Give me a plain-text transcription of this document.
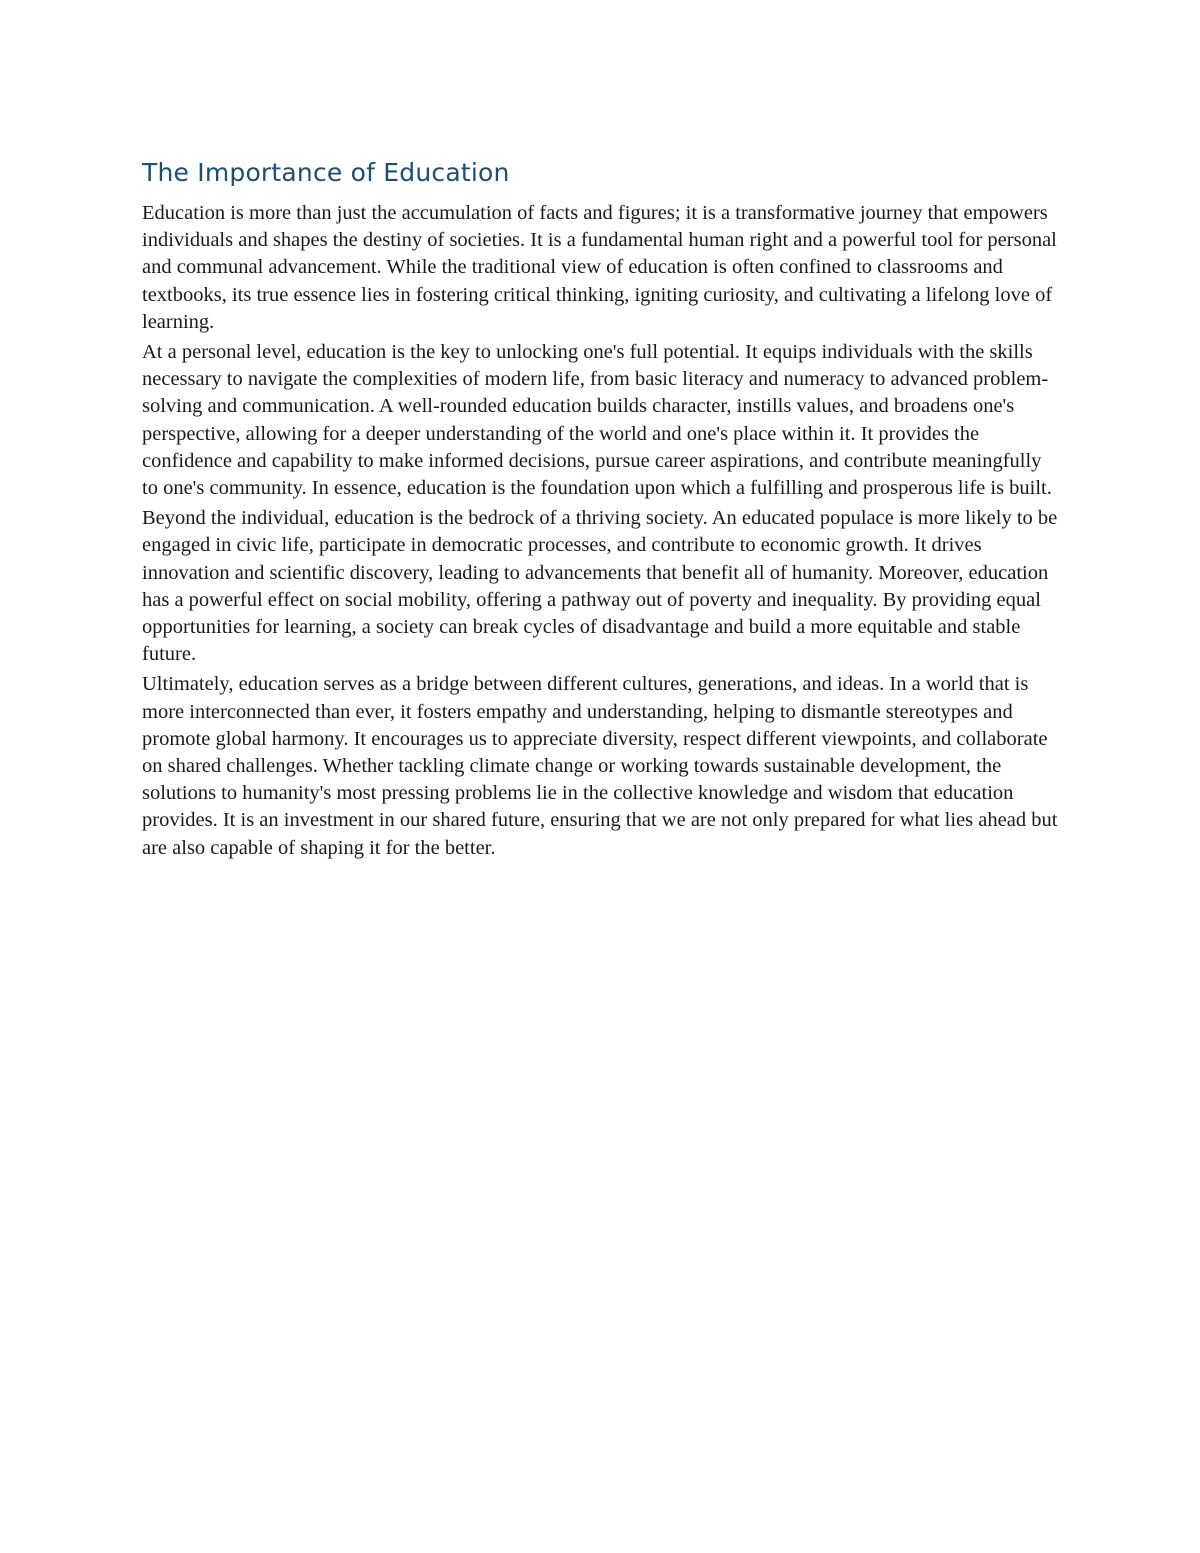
The Importance of Education

Education is more than just the accumulation of facts and figures; it is a transformative journey that empowers individuals and shapes the destiny of societies. It is a fundamental human right and a powerful tool for personal and communal advancement. While the traditional view of education is often confined to classrooms and textbooks, its true essence lies in fostering critical thinking, igniting curiosity, and cultivating a lifelong love of learning.

At a personal level, education is the key to unlocking one's full potential. It equips individuals with the skills necessary to navigate the complexities of modern life, from basic literacy and numeracy to advanced problem-solving and communication. A well-rounded education builds character, instills values, and broadens one's perspective, allowing for a deeper understanding of the world and one's place within it. It provides the confidence and capability to make informed decisions, pursue career aspirations, and contribute meaningfully to one's community. In essence, education is the foundation upon which a fulfilling and prosperous life is built.

Beyond the individual, education is the bedrock of a thriving society. An educated populace is more likely to be engaged in civic life, participate in democratic processes, and contribute to economic growth. It drives innovation and scientific discovery, leading to advancements that benefit all of humanity. Moreover, education has a powerful effect on social mobility, offering a pathway out of poverty and inequality. By providing equal opportunities for learning, a society can break cycles of disadvantage and build a more equitable and stable future.

Ultimately, education serves as a bridge between different cultures, generations, and ideas. In a world that is more interconnected than ever, it fosters empathy and understanding, helping to dismantle stereotypes and promote global harmony. It encourages us to appreciate diversity, respect different viewpoints, and collaborate on shared challenges. Whether tackling climate change or working towards sustainable development, the solutions to humanity's most pressing problems lie in the collective knowledge and wisdom that education provides. It is an investment in our shared future, ensuring that we are not only prepared for what lies ahead but are also capable of shaping it for the better.
